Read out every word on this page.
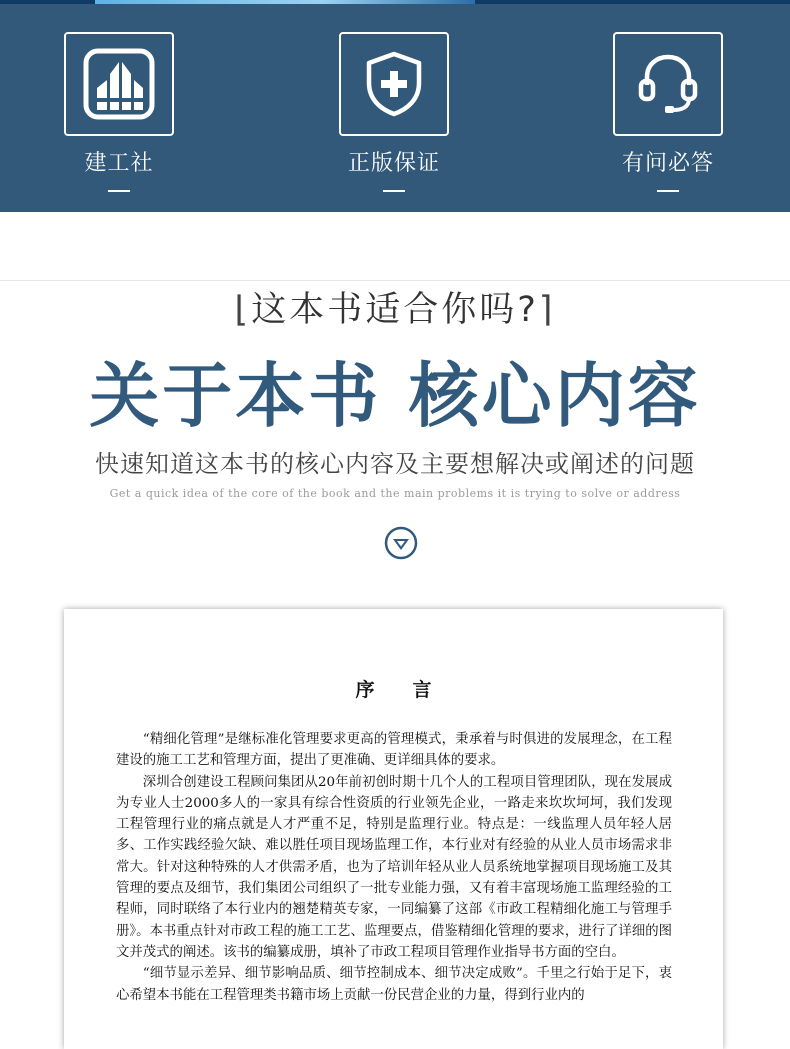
建工社	正版保证	有问必答
⌊这本书适合你吗?⌉
关于本书 核心内容
快速知道这本书的核心内容及主要想解决或阐述的问题
Get a quick idea of the core of the book and the main problems it is trying to solve or address
序　　言

“精细化管理”是继标准化管理要求更高的管理模式，秉承着与时俱进的发展理念，在工程建设的施工工艺和管理方面，提出了更准确、更详细具体的要求。

深圳合创建设工程顾问集团从20年前初创时期十几个人的工程项目管理团队，现在发展成为专业人士2000多人的一家具有综合性资质的行业领先企业，一路走来坎坎坷坷，我们发现工程管理行业的痛点就是人才严重不足，特别是监理行业。特点是：一线监理人员年轻人居多、工作实践经验欠缺、难以胜任项目现场监理工作，本行业对有经验的从业人员市场需求非常大。针对这种特殊的人才供需矛盾，也为了培训年轻从业人员系统地掌握项目现场施工及其管理的要点及细节，我们集团公司组织了一批专业能力强，又有着丰富现场施工监理经验的工程师，同时联络了本行业内的翘楚精英专家，一同编纂了这部《市政工程精细化施工与管理手册》。本书重点针对市政工程的施工工艺、监理要点，借鉴精细化管理的要求，进行了详细的图文并茂式的阐述。该书的编纂成册，填补了市政工程项目管理作业指导书方面的空白。

“细节显示差异、细节影响品质、细节控制成本、细节决定成败”。千里之行始于足下，衷心希望本书能在工程管理类书籍市场上贡献一份民营企业的力量，得到行业内的
